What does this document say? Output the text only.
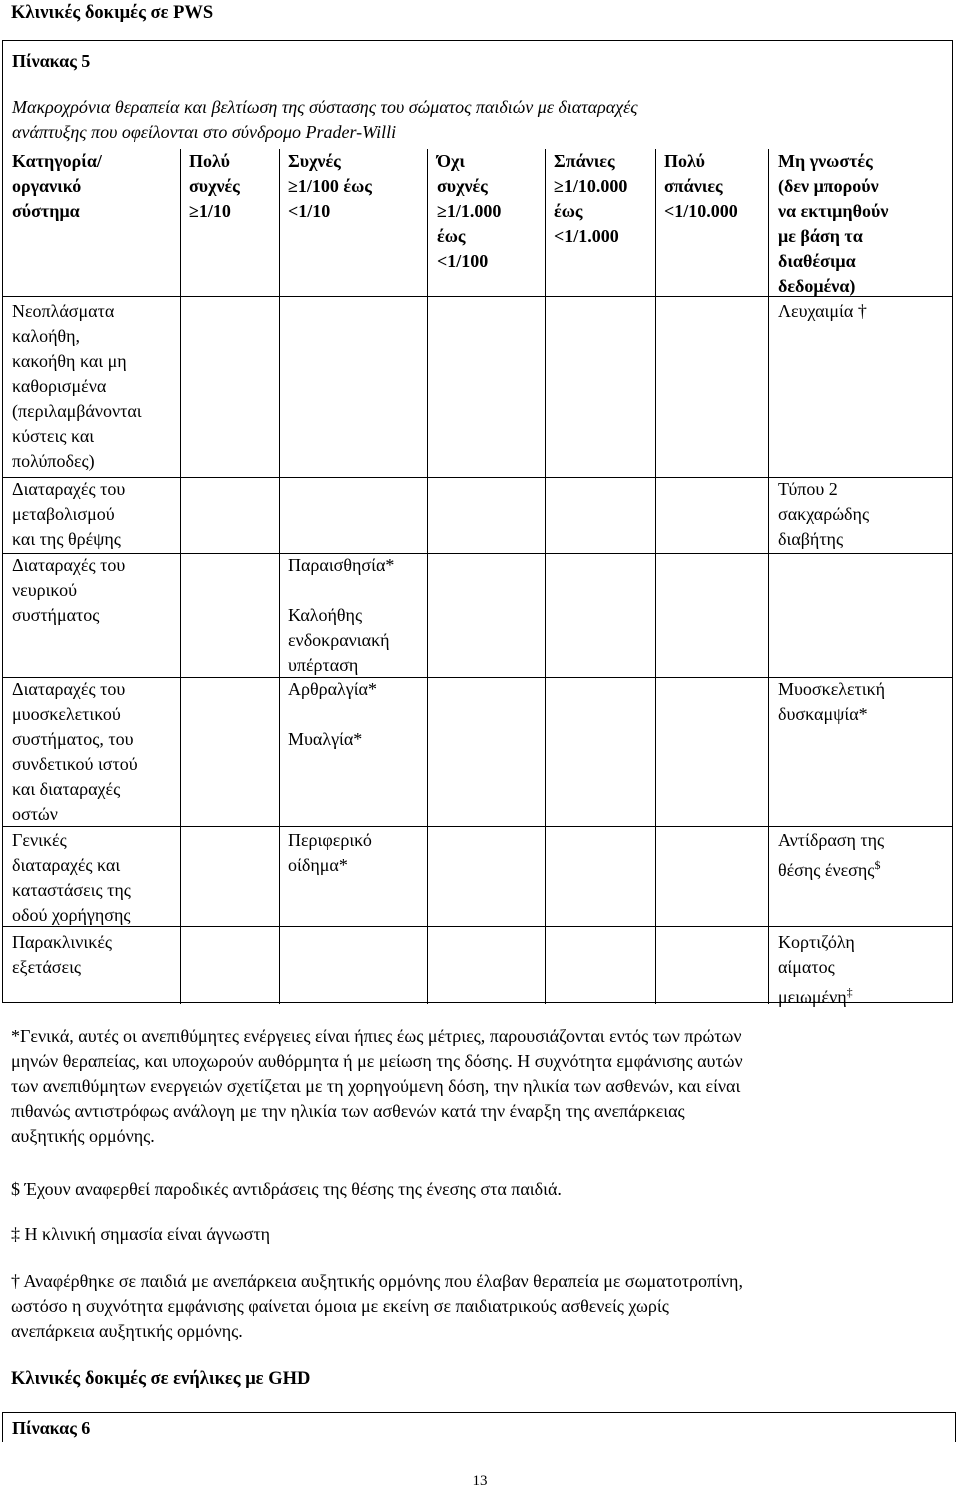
Κλινικές δοκιμές σε PWS
Πίνακας 5
Μακροχρόνια θεραπεία και βελτίωση της σύστασης του σώματος παιδιών με διαταραχές
ανάπτυξης που οφείλονται στο σύνδρομο Prader-Willi
Κατηγορία/
οργανικό
σύστημα
Πολύ
συχνές
≥1/10
Συχνές
≥1/100 έως
<1/10
Όχι
συχνές
≥1/1.000
έως
<1/100
Σπάνιες
≥1/10.000
έως
<1/1.000
Πολύ
σπάνιες
<1/10.000
Μη γνωστές
(δεν μπορούν
να εκτιμηθούν
με βάση τα
διαθέσιμα
δεδομένα)
Νεοπλάσματα
καλοήθη,
κακοήθη και μη
καθορισμένα
(περιλαμβάνονται
κύστεις και
πολύποδες)
Λευχαιμία †
Διαταραχές του
μεταβολισμού
και της θρέψης
Τύπου 2
σακχαρώδης
διαβήτης
Διαταραχές του
νευρικού
συστήματος
Παραισθησία*
Καλοήθης
ενδοκρανιακή
υπέρταση
Διαταραχές του
μυοσκελετικού
συστήματος, του
συνδετικού ιστού
και διαταραχές
οστών
Αρθραλγία*
Μυαλγία*
Μυοσκελετική
δυσκαμψία*
Γενικές
διαταραχές και
καταστάσεις της
οδού χορήγησης
Περιφερικό
οίδημα*
Αντίδραση της
θέσης ένεσης$
Παρακλινικές
εξετάσεις
Κορτιζόλη
αίματος
μειωμένη‡
*Γενικά, αυτές οι ανεπιθύμητες ενέργειες είναι ήπιες έως μέτριες, παρουσιάζονται εντός των πρώτων
μηνών θεραπείας, και υποχωρούν αυθόρμητα ή με μείωση της δόσης. Η συχνότητα εμφάνισης αυτών
των ανεπιθύμητων ενεργειών σχετίζεται με τη χορηγούμενη δόση, την ηλικία των ασθενών, και είναι
πιθανώς αντιστρόφως ανάλογη με την ηλικία των ασθενών κατά την έναρξη της ανεπάρκειας
αυξητικής ορμόνης.
$ Έχουν αναφερθεί παροδικές αντιδράσεις της θέσης της ένεσης στα παιδιά.
‡ Η κλινική σημασία είναι άγνωστη
† Αναφέρθηκε σε παιδιά με ανεπάρκεια αυξητικής ορμόνης που έλαβαν θεραπεία με σωματοτροπίνη,
ωστόσο η συχνότητα εμφάνισης φαίνεται όμοια με εκείνη σε παιδιατρικούς ασθενείς χωρίς
ανεπάρκεια αυξητικής ορμόνης.
Κλινικές δοκιμές σε ενήλικες με GHD
Πίνακας 6
13
